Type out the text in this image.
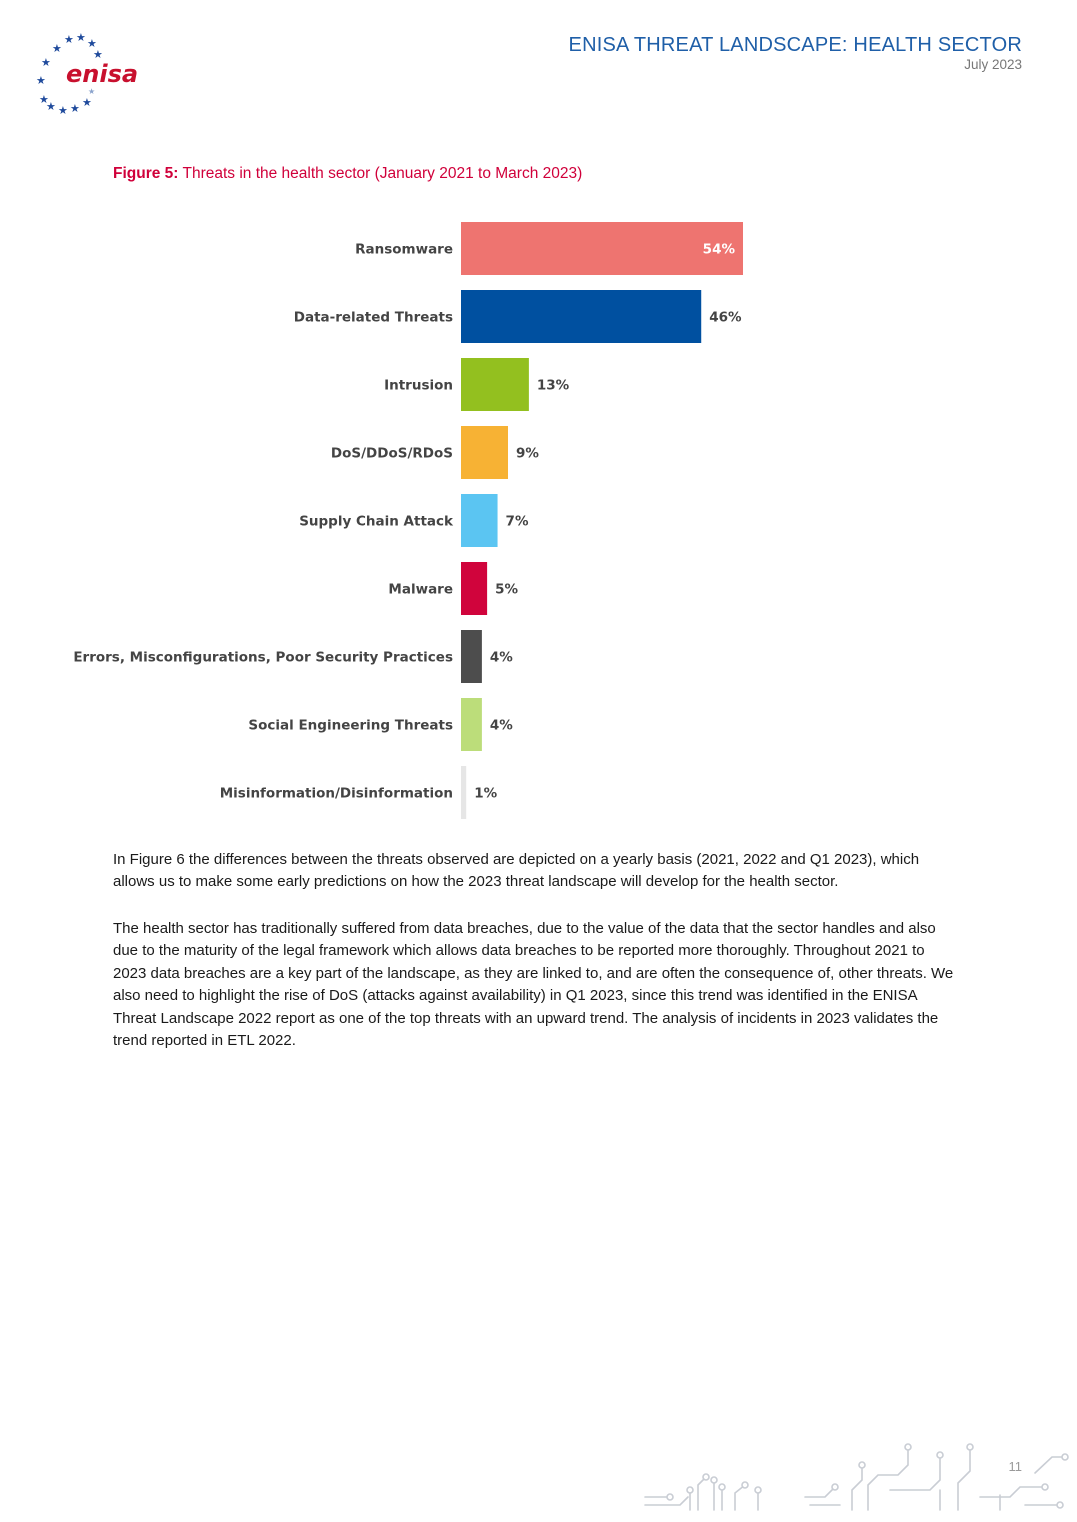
★ ★ ★
★	★
★
★
★
★ ★ ★ ★
★
enisa
ENISA THREAT LANDSCAPE: HEALTH SECTOR
July 2023
Figure 5: Threats in the health sector (January 2021 to March 2023)
Ransomware	54%
Data-related Threats	46%
Intrusion	13%
DoS/DDoS/RDoS	9%
Supply Chain Attack	7%
Malware	5%
Errors, Misconfigurations, Poor Security Practices	4%
Social Engineering Threats	4%
Misinformation/Disinformation 1%
In Figure 6 the differences between the threats observed are depicted on a yearly basis (2021, 2022 and Q1 2023), which allows us to make some early predictions on how the 2023 threat landscape will develop for the health sector.
The health sector has traditionally suffered from data breaches, due to the value of the data that the sector handles and also due to the maturity of the legal framework which allows data breaches to be reported more thoroughly. Throughout 2021 to 2023 data breaches are a key part of the landscape, as they are linked to, and are often the consequence of, other threats. We also need to highlight the rise of DoS (attacks against availability) in Q1 2023, since this trend was identified in the ENISA Threat Landscape 2022 report as one of the top threats with an upward trend. The analysis of incidents in 2023 validates the trend reported in ETL 2022.
11
